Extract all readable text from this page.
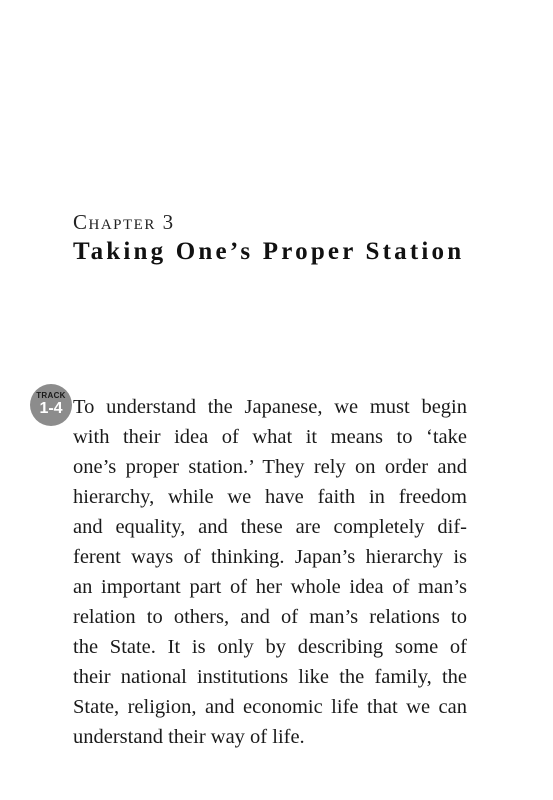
Chapter 3
Taking One’s Proper Station
TRACK
1-4 To understand the Japanese, we must begin
with their idea of what it means to ‘take
one’s proper station.’ They rely on order and
hierarchy, while we have faith in freedom
and equality, and these are completely dif-
ferent ways of thinking. Japan’s hierarchy is
an important part of her whole idea of man’s
relation to others, and of man’s relations to
the State. It is only by describing some of
their national institutions like the family, the
State, religion, and economic life that we can
understand their way of life.
